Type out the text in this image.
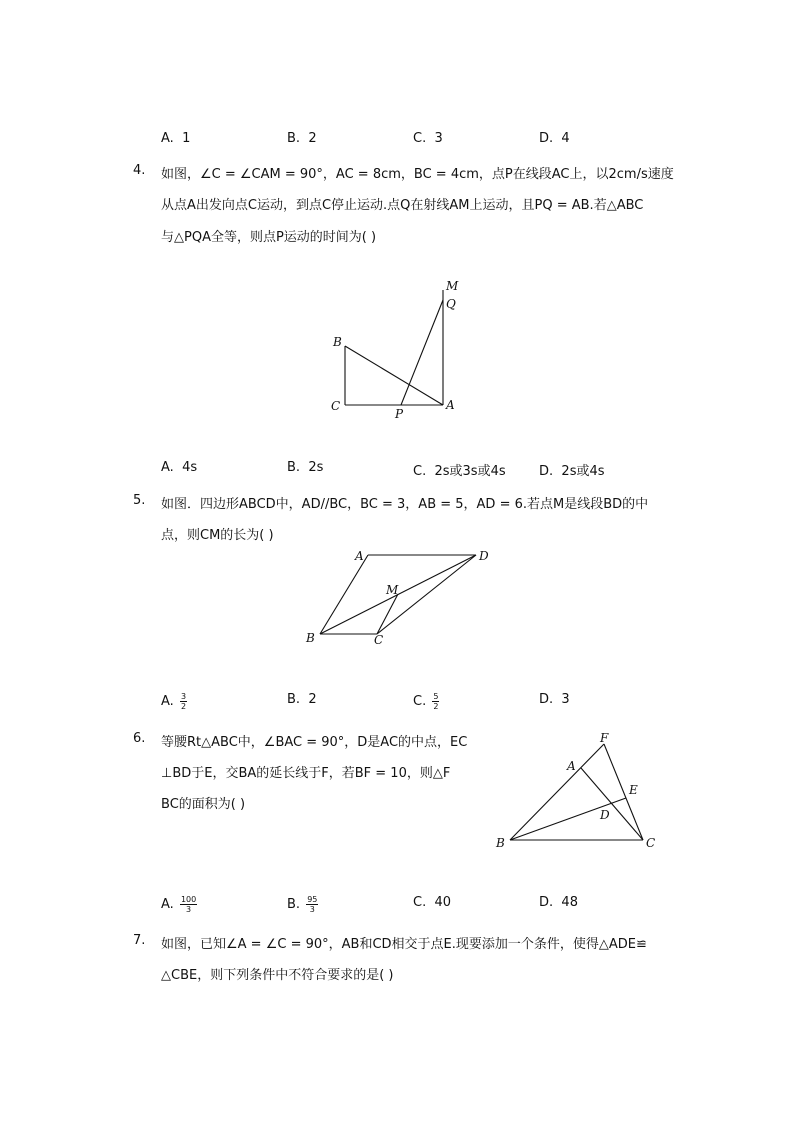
A. 1	B. 2	C. 3	D. 4
4. 如图，∠C = ∠CAM = 90°，AC = 8cm，BC = 4cm，点P在线段AC上，以2cm/s速度
从点A出发向点C运动，到点C停止运动.点Q在射线AM上运动，且PQ = AB.若△ABC
与△PQA全等，则点P运动的时间为( )
M
Q
B
C
P
A
A. 4s	B. 2s	C. 2s或3s或4s	D. 2s或4s
5. 如图．四边形ABCD中，AD//BC，BC = 3，AB = 5，AD = 6.若点M是线段BD的中
点，则CM的长为( )
A	D
M
B	C
A. $\frac{3}{2}$	B. 2	C. $\frac{5}{2}$	D. 3
6. 等腰Rt△ABC中，∠BAC = 90°，D是AC的中点，EC
⊥BD于E，交BA的延长线于F，若BF = 10，则△F
BC的面积为( )
F
A
E
D
B	C
A. $\frac{100}{3}$	B. $\frac{95}{3}$	C. 40	D. 48
7. 如图，已知∠A = ∠C = 90°，AB和CD相交于点E.现要添加一个条件，使得△ADE≌
△CBE，则下列条件中不符合要求的是( )
